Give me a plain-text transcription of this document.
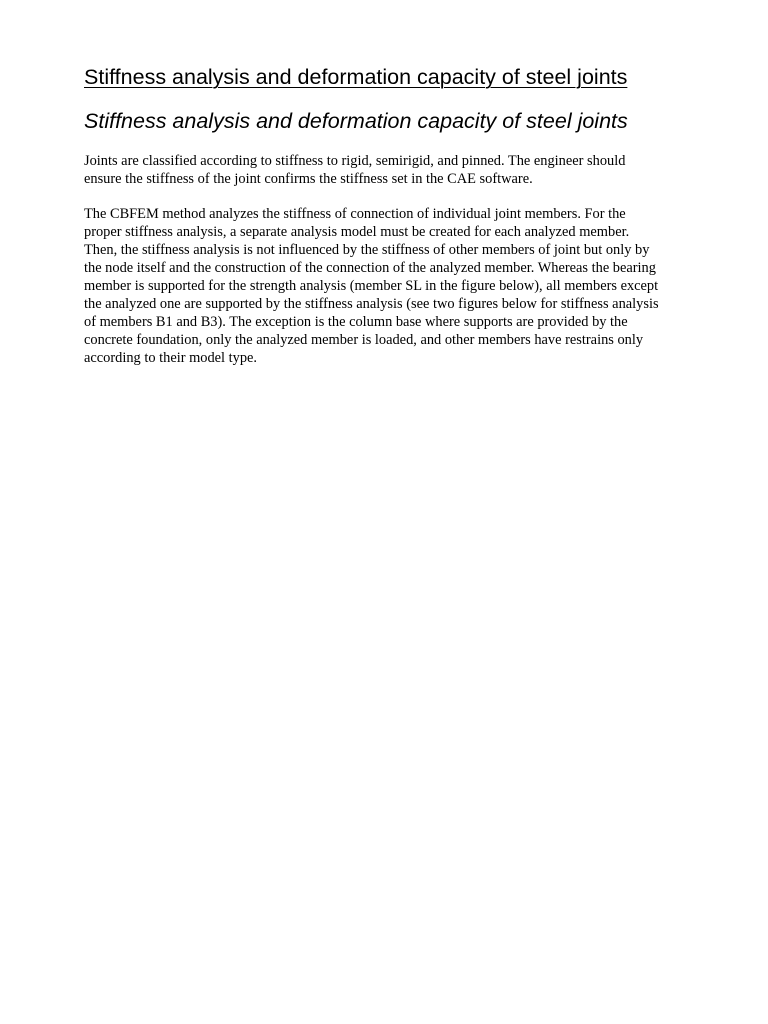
Stiffness analysis and deformation capacity of steel joints
Stiffness analysis and deformation capacity of steel joints

Joints are classified according to stiffness to rigid, semirigid, and pinned. The engineer should ensure the stiffness of the joint confirms the stiffness set in the CAE software.

The CBFEM method analyzes the stiffness of connection of individual joint members. For the proper stiffness analysis, a separate analysis model must be created for each analyzed member. Then, the stiffness analysis is not influenced by the stiffness of other members of joint but only by the node itself and the construction of the connection of the analyzed member. Whereas the bearing member is supported for the strength analysis (member SL in the figure below), all members except the analyzed one are supported by the stiffness analysis (see two figures below for stiffness analysis of members B1 and B3). The exception is the column base where supports are provided by the concrete foundation, only the analyzed member is loaded, and other members have restrains only according to their model type.
